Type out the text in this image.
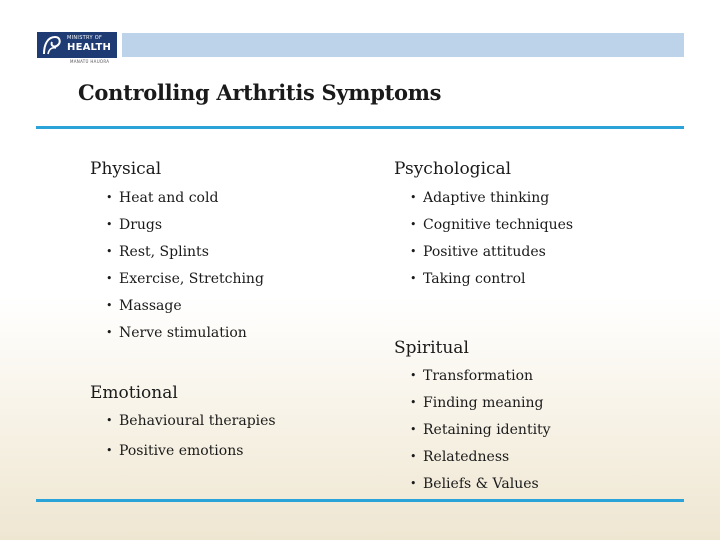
MINISTRY OF
HEALTH
MANATŪ HAUORA
Controlling Arthritis Symptoms
Physical
• Heat and cold
• Drugs
• Rest, Splints
• Exercise, Stretching
• Massage
• Nerve stimulation
Emotional
• Behavioural therapies
• Positive emotions
Psychological
• Adaptive thinking
• Cognitive techniques
• Positive attitudes
• Taking control
Spiritual
• Transformation
• Finding meaning
• Retaining identity
• Relatedness
• Beliefs & Values
